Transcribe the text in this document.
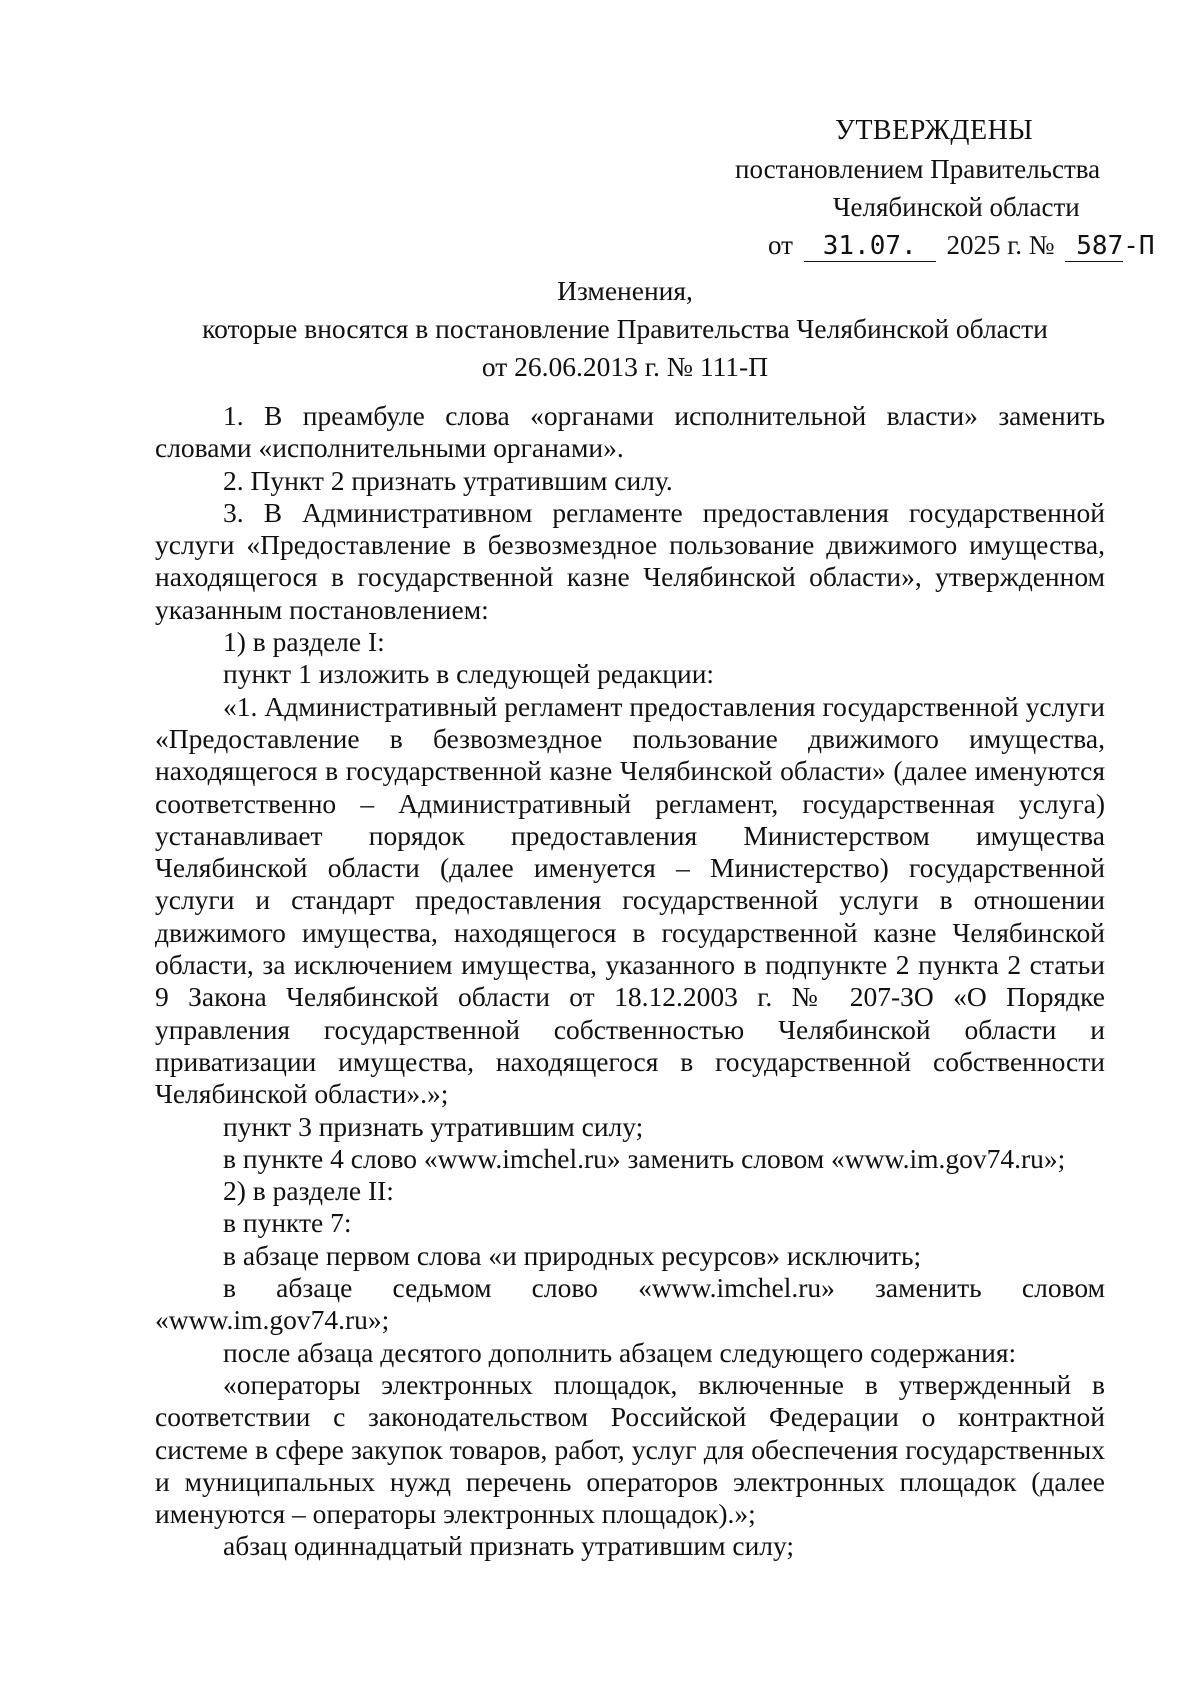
УТВЕРЖДЕНЫ
постановлением Правительства
Челябинской области
от 31.07. 2025 г. № 587-П
Изменения,
которые вносятся в постановление Правительства Челябинской области
от 26.06.2013 г. № 111-П

1. В преамбуле слова «органами исполнительной власти» заменить словами «исполнительными органами».

2. Пункт 2 признать утратившим силу.

3. В Административном регламенте предоставления государственной услуги «Предоставление в безвозмездное пользование движимого имущества, находящегося в государственной казне Челябинской области», утвержденном указанным постановлением:

1) в разделе I:

пункт 1 изложить в следующей редакции:

«1. Административный регламент предоставления государственной услуги «Предоставление в безвозмездное пользование движимого имущества, находящегося в государственной казне Челябинской области» (далее именуются соответственно – Административный регламент, государственная услуга) устанавливает порядок предоставления Министерством имущества Челябинской области (далее именуется – Министерство) государственной услуги и стандарт предоставления государственной услуги в отношении движимого имущества, находящегося в государственной казне Челябинской области, за исключением имущества, указанного в подпункте 2 пункта 2 статьи 9 Закона Челябинской области от 18.12.2003 г. № 207-ЗО «О Порядке управления государственной собственностью Челябинской области и приватизации имущества, находящегося в государственной собственности Челябинской области».»;

пункт 3 признать утратившим силу;

в пункте 4 слово «www.imchel.ru» заменить словом «www.im.gov74.ru»;

2) в разделе II:

в пункте 7:

в абзаце первом слова «и природных ресурсов» исключить;

в абзаце седьмом слово «www.imchel.ru» заменить словом «www.im.gov74.ru»;

после абзаца десятого дополнить абзацем следующего содержания:

«операторы электронных площадок, включенные в утвержденный в соответствии с законодательством Российской Федерации о контрактной системе в сфере закупок товаров, работ, услуг для обеспечения государственных и муниципальных нужд перечень операторов электронных площадок (далее именуются – операторы электронных площадок).»;

абзац одиннадцатый признать утратившим силу;
